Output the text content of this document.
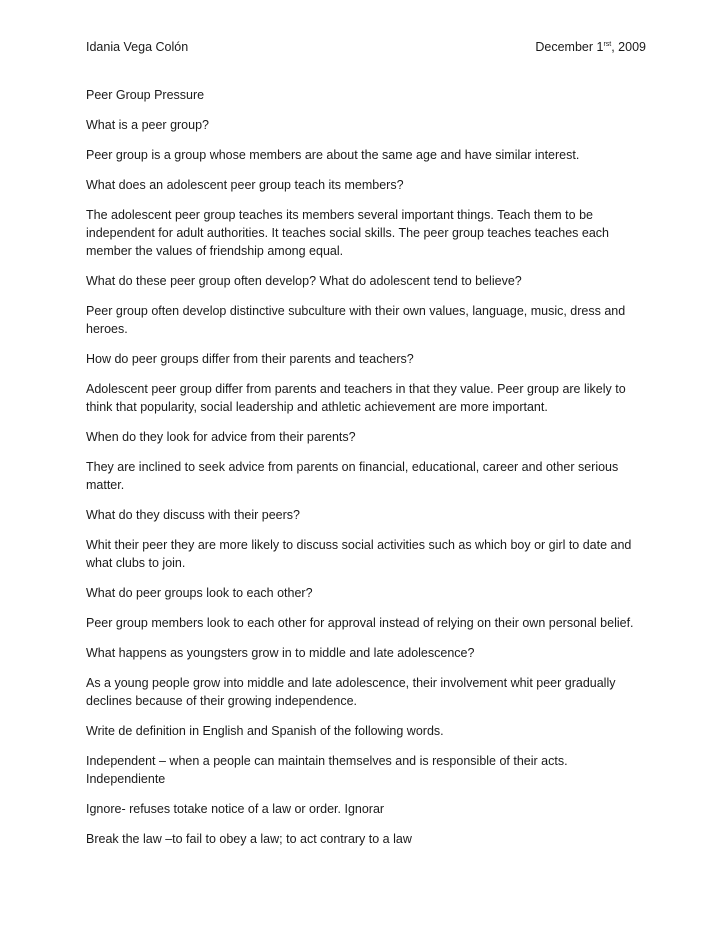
Idania Vega Colón	December $1^{rst}$, 2009

Peer Group Pressure

What is a peer group?

Peer group is a group whose members are about the same age and have similar interest.

What does an adolescent peer group teach its members?

The adolescent peer group teaches its members several important things. Teach them to be independent for adult authorities. It teaches social skills. The peer group teaches teaches each member the values of friendship among equal.

What do these peer group often develop? What do adolescent tend to believe?

Peer group often develop distinctive subculture with their own values, language, music, dress and heroes.

How do peer groups differ from their parents and teachers?

Adolescent peer group differ from parents and teachers in that they value. Peer group are likely to think that popularity, social leadership and athletic achievement are more important.

When do they look for advice from their parents?

They are inclined to seek advice from parents on financial, educational, career and other serious matter.

What do they discuss with their peers?

Whit their peer they are more likely to discuss social activities such as which boy or girl to date and what clubs to join.

What do peer groups look to each other?

Peer group members look to each other for approval instead of relying on their own personal belief.

What happens as youngsters grow in to middle and late adolescence?

As a young people grow into middle and late adolescence, their involvement whit peer gradually declines because of their growing independence.

Write de definition in English and Spanish of the following words.

Independent – when a people can maintain themselves and is responsible of their acts. Independiente

Ignore- refuses totake notice of a law or order. Ignorar

Break the law –to fail to obey a law; to act contrary to a law
